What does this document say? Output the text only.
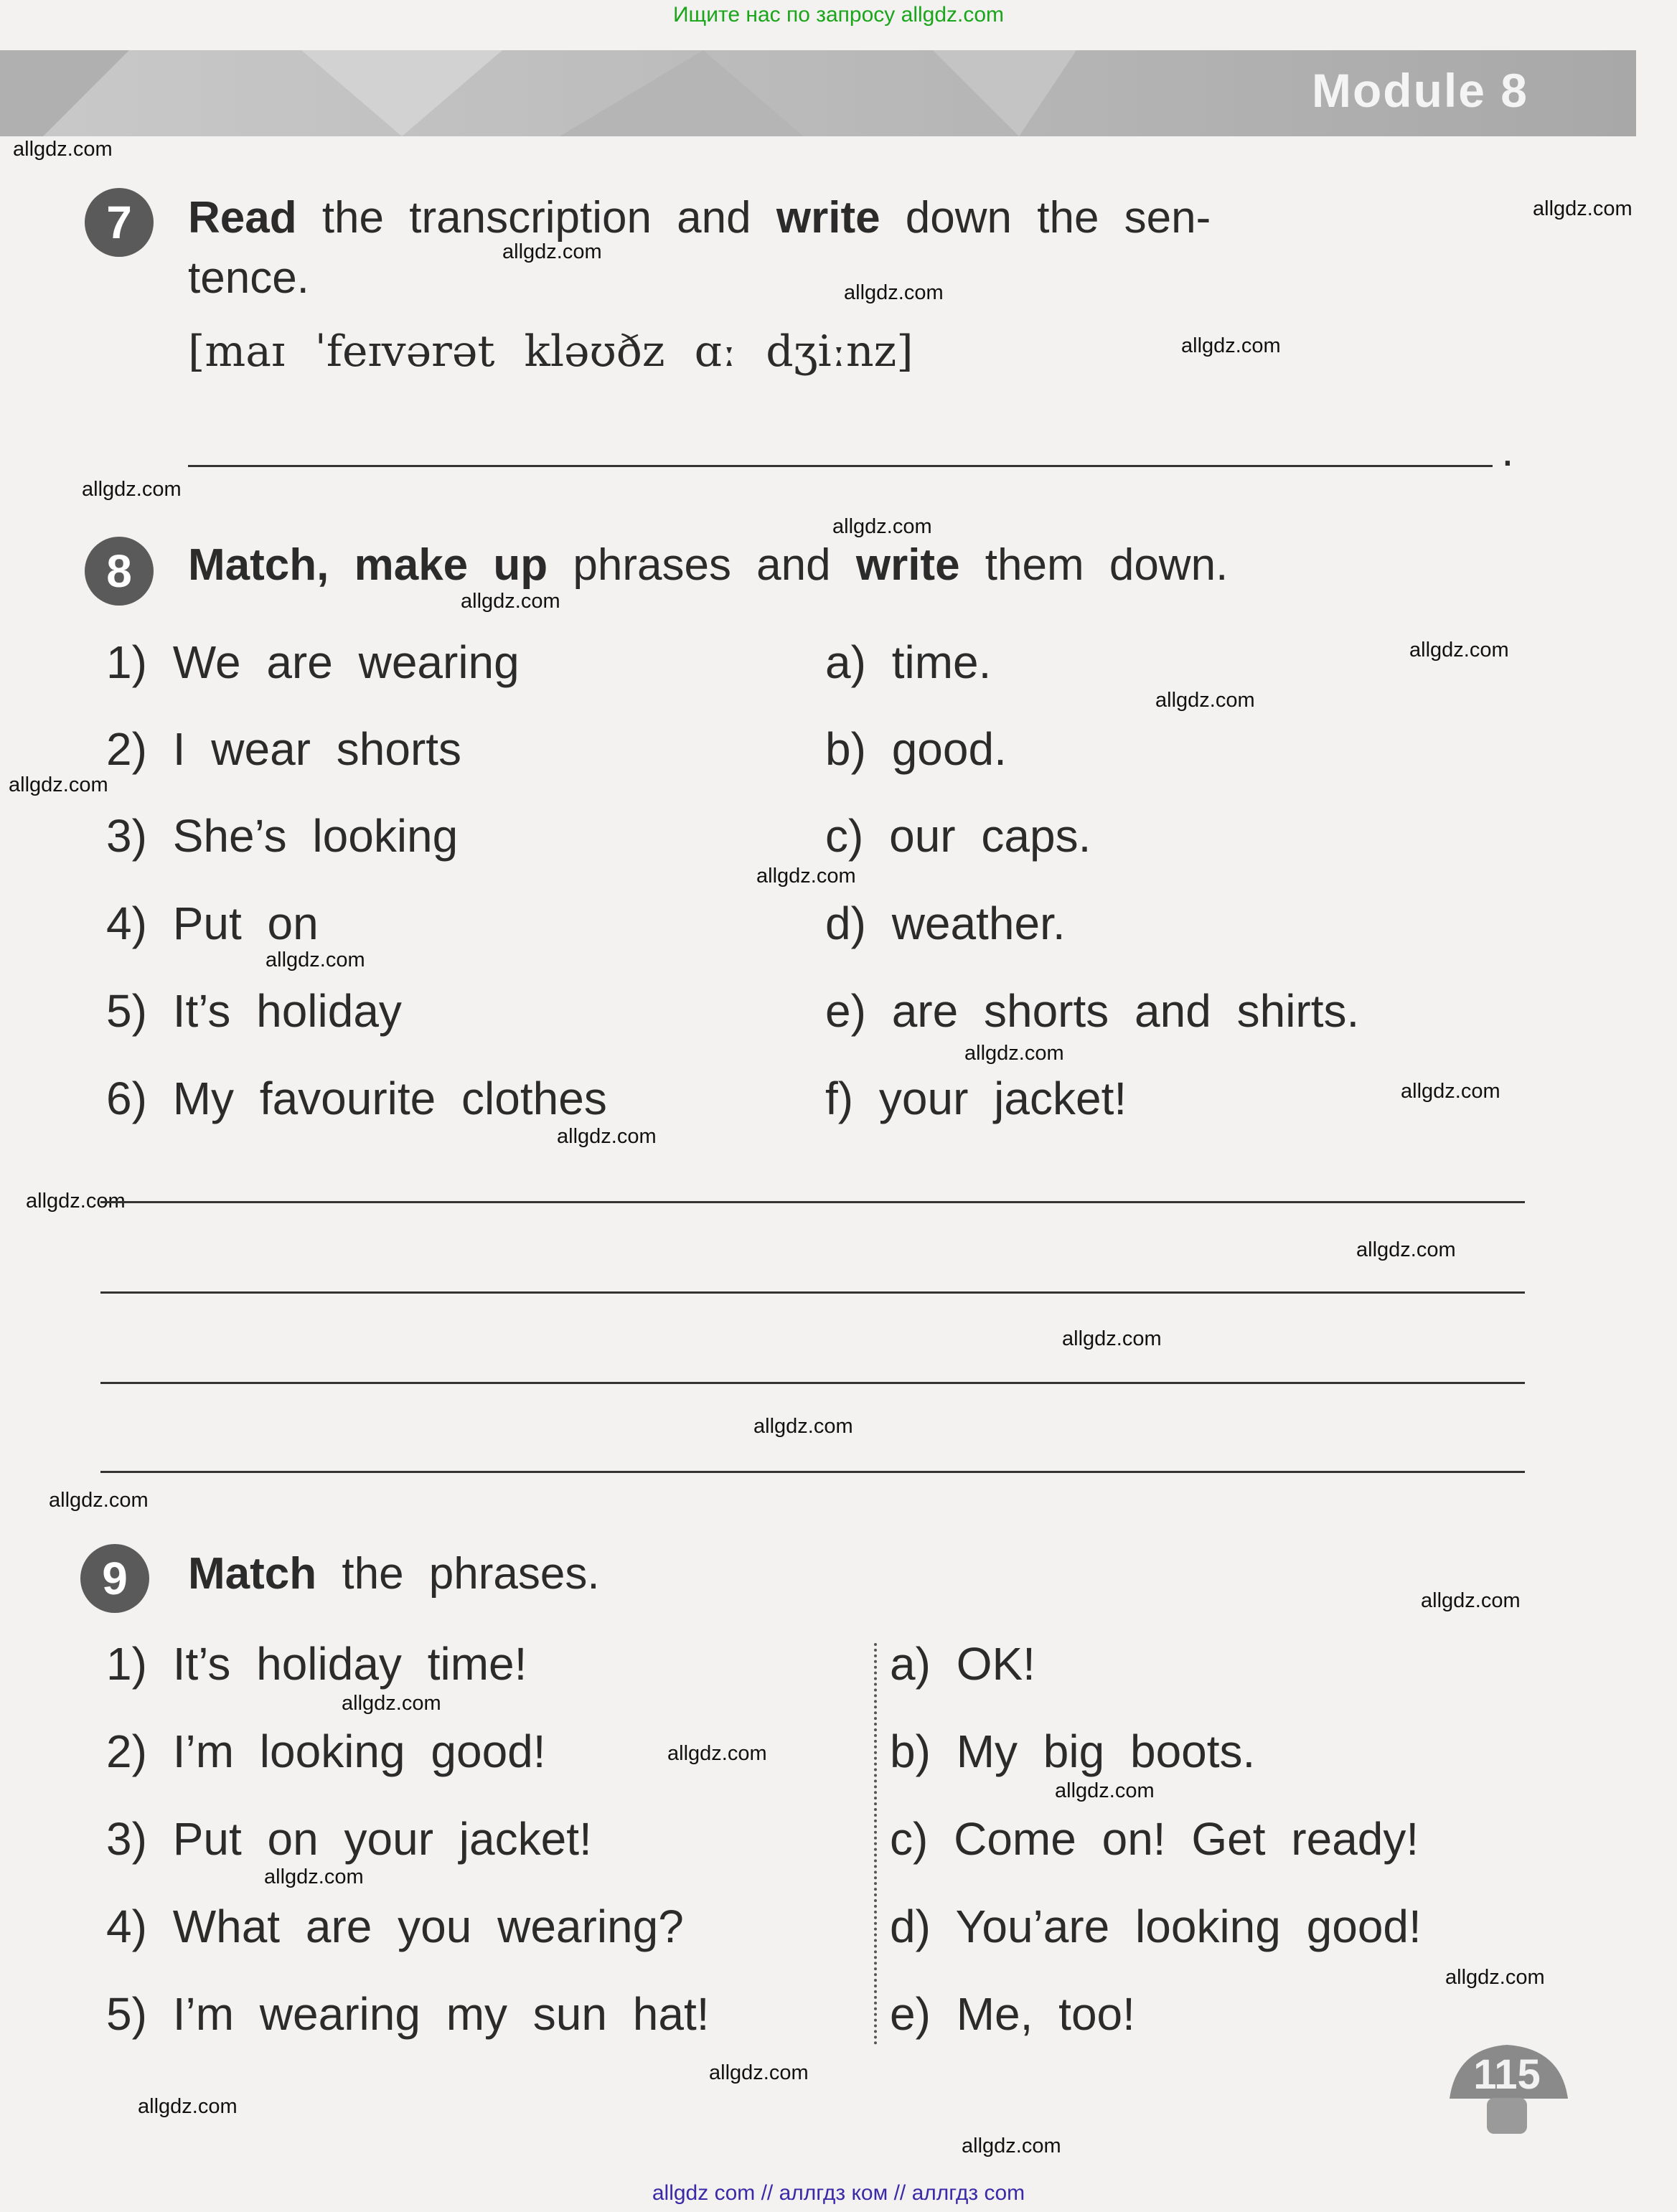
Ищите нас по запросу allgdz.com
Module 8
allgdz.com
allgdz.com
allgdz.com
allgdz.com
allgdz.com
allgdz.com
allgdz.com
allgdz.com
allgdz.com
allgdz.com
allgdz.com
allgdz.com
allgdz.com
allgdz.com
allgdz.com
allgdz.com
allgdz.com
allgdz.com
allgdz.com
allgdz.com
allgdz.com
allgdz.com
allgdz.com
allgdz.com
allgdz.com
allgdz.com
allgdz.com
allgdz.com
allgdz.com
allgdz.com
7	Read the transcription and write down the sen-
tence.
[maɪ ˈfeɪvərət kləʊðz ɑː dʒiːnz]
.
8	Match, make up phrases and write them down.
1) We are wearing
2) I wear shorts
3) She’s looking
4) Put on
5) It’s holiday
6) My favourite clothes
a) time.
b) good.
c) our caps.
d) weather.
e) are shorts and shirts.
f) your jacket!
9	Match the phrases.
1) It’s holiday time!
2) I’m looking good!
3) Put on your jacket!
4) What are you wearing?
5) I’m wearing my sun hat!
a) OK!
b) My big boots.
c) Come on! Get ready!
d) You’are looking good!
e) Me, too!
115
allgdz com // аллгдз ком // аллгдз сom
